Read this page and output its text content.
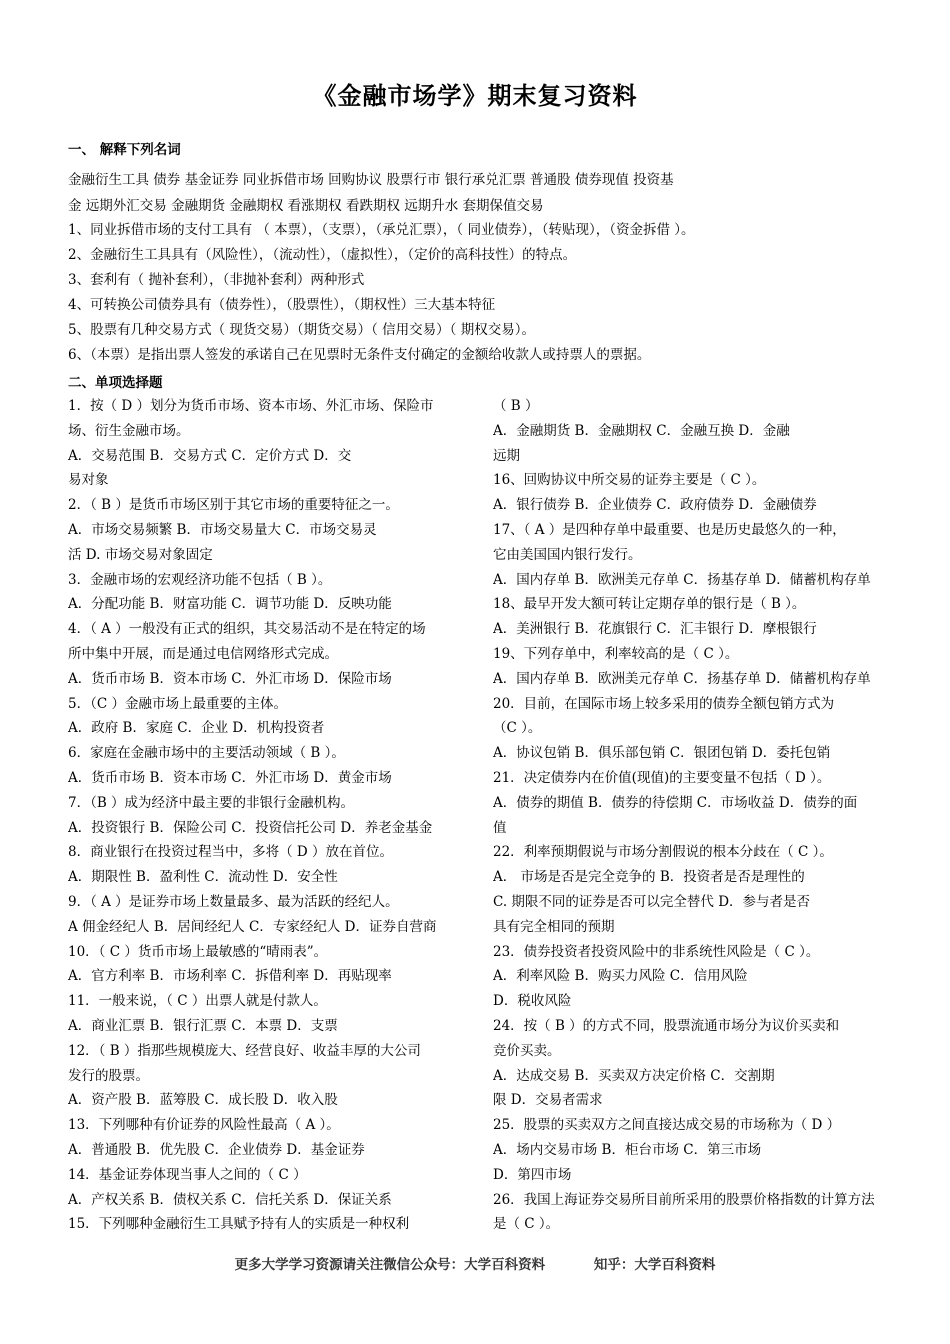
《金融市场学》期末复习资料
一、 解释下列名词
金融衍生工具 债券 基金证券 同业拆借市场 回购协议 股票行市 银行承兑汇票 普通股 债券现值 投资基
金 远期外汇交易 金融期货 金融期权 看涨期权 看跌期权 远期升水 套期保值交易
1、同业拆借市场的支付工具有 （ 本票），（支票），（承兑汇票），（ 同业债券），（转贴现），（资金拆借 ）。
2、金融衍生工具具有（风险性），（流动性），（虚拟性），（定价的高科技性）的特点。
3、套利有（ 抛补套利），（非抛补套利）两种形式
4、可转换公司债券具有（债券性），（股票性），（期权性）三大基本特征
5、股票有几种交易方式（ 现货交易）（期货交易）（ 信用交易）（ 期权交易）。
6、（本票）是指出票人签发的承诺自己在见票时无条件支付确定的金额给收款人或持票人的票据。
二、单项选择题
1．按（ D ）划分为货币市场、资本市场、外汇市场、保险市
场、衍生金融市场。
A．交易范围 B．交易方式 C．定价方式 D．交
易对象
2．（ B ）是货币市场区别于其它市场的重要特征之一。
A．市场交易频繁 B．市场交易量大 C．市场交易灵
活 D. 市场交易对象固定
3．金融市场的宏观经济功能不包括（ B ）。
A．分配功能 B．财富功能 C．调节功能 D．反映功能
4．（ A ）一般没有正式的组织，其交易活动不是在特定的场
所中集中开展，而是通过电信网络形式完成。
A．货币市场 B．资本市场 C．外汇市场 D．保险市场
5．（C ）金融市场上最重要的主体。
A．政府 B．家庭 C．企业 D．机构投资者
6．家庭在金融市场中的主要活动领域（ B ）。
A．货币市场 B．资本市场 C．外汇市场 D．黄金市场
7．（B ）成为经济中最主要的非银行金融机构。
A．投资银行 B．保险公司 C．投资信托公司 D．养老金基金
8．商业银行在投资过程当中，多将（ D ）放在首位。
A．期限性 B．盈利性 C．流动性 D．安全性
9．（ A ）是证券市场上数量最多、最为活跃的经纪人。
A 佣金经纪人 B．居间经纪人 C．专家经纪人 D．证券自营商
10．（ C ）货币市场上最敏感的“晴雨表”。
A．官方利率 B．市场利率 C．拆借利率 D．再贴现率
11．一般来说，（ C ）出票人就是付款人。
A．商业汇票 B．银行汇票 C．本票 D．支票
12．（ B ）指那些规模庞大、经营良好、收益丰厚的大公司
发行的股票。
A．资产股 B．蓝筹股 C．成长股 D．收入股
13．下列哪种有价证券的风险性最高（ A ）。
A．普通股 B．优先股 C．企业债券 D．基金证券
14．基金证券体现当事人之间的（ C ）
A．产权关系 B．债权关系 C．信托关系 D．保证关系
15．下列哪种金融衍生工具赋予持有人的实质是一种权利
（ B ）
A．金融期货 B．金融期权 C．金融互换 D．金融
远期
16、回购协议中所交易的证券主要是（ C ）。
A．银行债券 B．企业债券 C．政府债券 D．金融债券
17、（ A ）是四种存单中最重要、也是历史最悠久的一种，
它由美国国内银行发行。
A．国内存单 B．欧洲美元存单 C．扬基存单 D．储蓄机构存单
18、最早开发大额可转让定期存单的银行是（ B ）。
A．美洲银行 B．花旗银行 C．汇丰银行 D．摩根银行
19、下列存单中，利率较高的是（ C ）。
A．国内存单 B．欧洲美元存单 C．扬基存单 D．储蓄机构存单
20．目前，在国际市场上较多采用的债券全额包销方式为
（C ）。
A．协议包销 B．俱乐部包销 C．银团包销 D．委托包销
21．决定债券内在价值(现值)的主要变量不包括（ D ）。
A．债券的期值 B．债券的待偿期 C．市场收益 D．债券的面
值
22．利率预期假说与市场分割假说的根本分歧在（ C ）。
A． 市场是否是完全竞争的 B．投资者是否是理性的
C. 期限不同的证券是否可以完全替代 D．参与者是否
具有完全相同的预期
23．债券投资者投资风险中的非系统性风险是（ C ）。
A．利率风险 B．购买力风险 C．信用风险
D．税收风险
24．按（ B ）的方式不同，股票流通市场分为议价买卖和
竞价买卖。
A．达成交易 B．买卖双方决定价格 C．交割期
限 D．交易者需求
25．股票的买卖双方之间直接达成交易的市场称为（ D ）
A．场内交易市场 B．柜台市场 C．第三市场
D．第四市场
26．我国上海证券交易所目前所采用的股票价格指数的计算方法
是（ C ）。
更多大学学习资源请关注微信公众号：大学百科资料	知乎：大学百科资料
